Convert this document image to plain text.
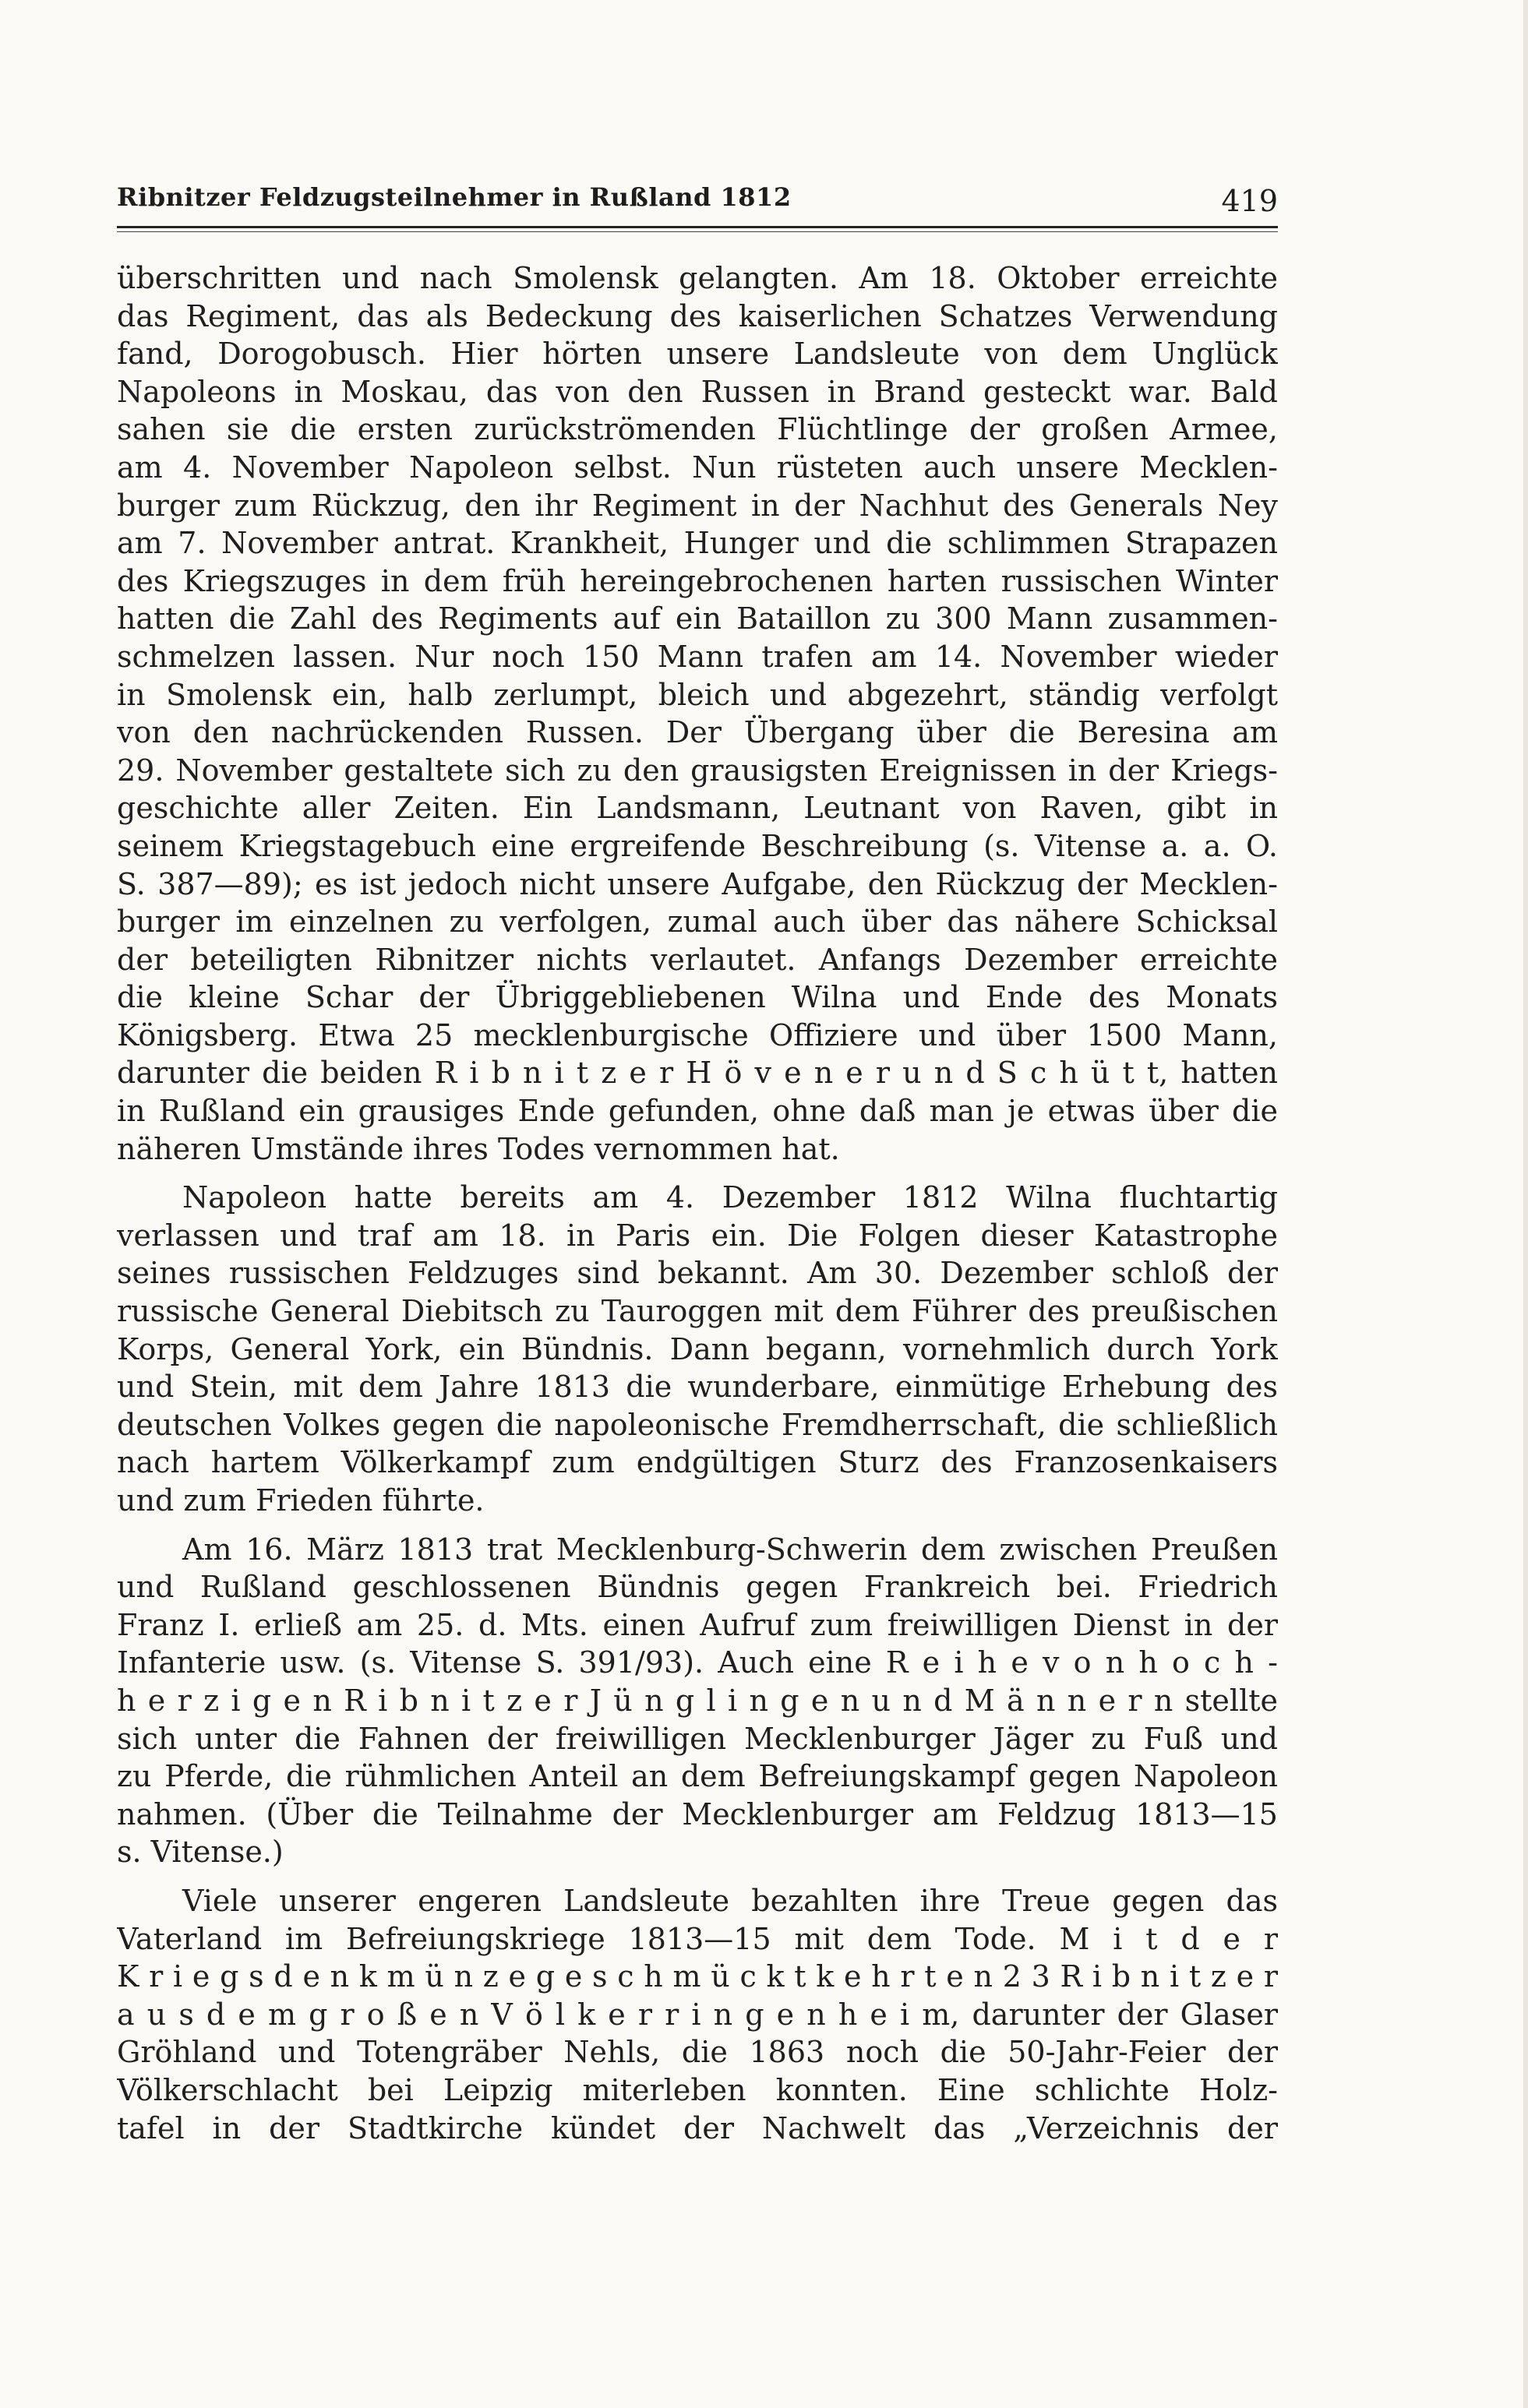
Ribnitzer Feldzugsteilnehmer in Rußland 1812	419
überschritten und nach Smolensk gelangten. Am 18. Oktober erreichte
das Regiment, das als Bedeckung des kaiserlichen Schatzes Verwendung
fand, Dorogobusch. Hier hörten unsere Landsleute von dem Unglück
Napoleons in Moskau, das von den Russen in Brand gesteckt war. Bald
sahen sie die ersten zurückströmenden Flüchtlinge der großen Armee,
am 4. November Napoleon selbst. Nun rüsteten auch unsere Mecklen-
burger zum Rückzug, den ihr Regiment in der Nachhut des Generals Ney
am 7. November antrat. Krankheit, Hunger und die schlimmen Strapazen
des Kriegszuges in dem früh hereingebrochenen harten russischen Winter
hatten die Zahl des Regiments auf ein Bataillon zu 300 Mann zusammen-
schmelzen lassen. Nur noch 150 Mann trafen am 14. November wieder
in Smolensk ein, halb zerlumpt, bleich und abgezehrt, ständig verfolgt
von den nachrückenden Russen. Der Übergang über die Beresina am
29. November gestaltete sich zu den grausigsten Ereignissen in der Kriegs-
geschichte aller Zeiten. Ein Landsmann, Leutnant von Raven, gibt in
seinem Kriegstagebuch eine ergreifende Beschreibung (s. Vitense a. a. O.
S. 387—89); es ist jedoch nicht unsere Aufgabe, den Rückzug der Mecklen-
burger im einzelnen zu verfolgen, zumal auch über das nähere Schicksal
der beteiligten Ribnitzer nichts verlautet. Anfangs Dezember erreichte
die kleine Schar der Übriggebliebenen Wilna und Ende des Monats
Königsberg. Etwa 25 mecklenburgische Offiziere und über 1500 Mann,
darunter die beiden R i b n i t z e r H ö v e n e r u n d S c h ü t t, hatten
in Rußland ein grausiges Ende gefunden, ohne daß man je etwas über die
näheren Umstände ihres Todes vernommen hat.
Napoleon hatte bereits am 4. Dezember 1812 Wilna fluchtartig
verlassen und traf am 18. in Paris ein. Die Folgen dieser Katastrophe
seines russischen Feldzuges sind bekannt. Am 30. Dezember schloß der
russische General Diebitsch zu Tauroggen mit dem Führer des preußischen
Korps, General York, ein Bündnis. Dann begann, vornehmlich durch York
und Stein, mit dem Jahre 1813 die wunderbare, einmütige Erhebung des
deutschen Volkes gegen die napoleonische Fremdherrschaft, die schließlich
nach hartem Völkerkampf zum endgültigen Sturz des Franzosenkaisers
und zum Frieden führte.
Am 16. März 1813 trat Mecklenburg-Schwerin dem zwischen Preußen
und Rußland geschlossenen Bündnis gegen Frankreich bei. Friedrich
Franz I. erließ am 25. d. Mts. einen Aufruf zum freiwilligen Dienst in der
Infanterie usw. (s. Vitense S. 391/93). Auch eine R e i h e v o n h o c h -
h e r z i g e n R i b n i t z e r J ü n g l i n g e n u n d M ä n n e r n stellte
sich unter die Fahnen der freiwilligen Mecklenburger Jäger zu Fuß und
zu Pferde, die rühmlichen Anteil an dem Befreiungskampf gegen Napoleon
nahmen. (Über die Teilnahme der Mecklenburger am Feldzug 1813—15
s. Vitense.)
Viele unserer engeren Landsleute bezahlten ihre Treue gegen das
Vaterland im Befreiungskriege 1813—15 mit dem Tode. M i t d e r
K r i e g s d e n k m ü n z e g e s c h m ü c k t k e h r t e n 2 3 R i b n i t z e r
a u s d e m g r o ß e n V ö l k e r r i n g e n h e i m, darunter der Glaser
Gröhland und Totengräber Nehls, die 1863 noch die 50-Jahr-Feier der
Völkerschlacht bei Leipzig miterleben konnten. Eine schlichte Holz-
tafel in der Stadtkirche kündet der Nachwelt das „Verzeichnis der
